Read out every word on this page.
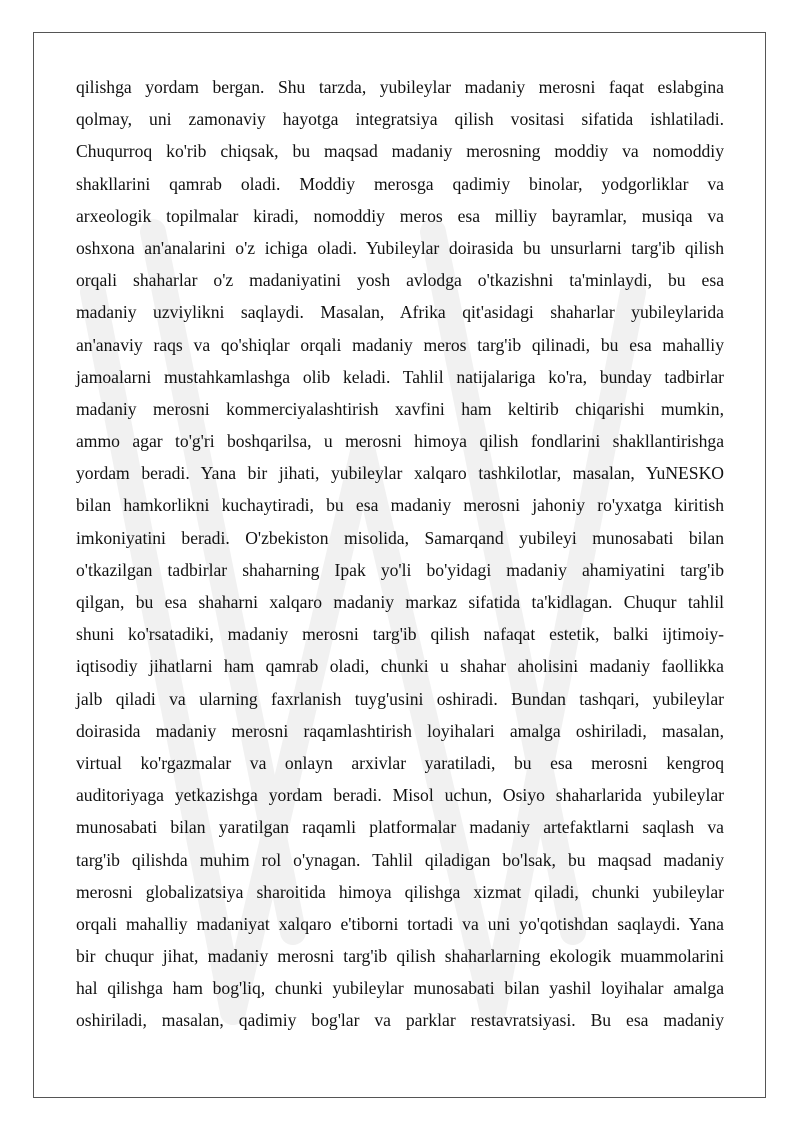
qilishga yordam bergan. Shu tarzda, yubileylar madaniy merosni faqat eslabgina
qolmay, uni zamonaviy hayotga integratsiya qilish vositasi sifatida ishlatiladi.
Chuqurroq ko'rib chiqsak, bu maqsad madaniy merosning moddiy va nomoddiy
shakllarini qamrab oladi. Moddiy merosga qadimiy binolar, yodgorliklar va
arxeologik topilmalar kiradi, nomoddiy meros esa milliy bayramlar, musiqa va
oshxona an'analarini o'z ichiga oladi. Yubileylar doirasida bu unsurlarni targ'ib qilish
orqali shaharlar o'z madaniyatini yosh avlodga o'tkazishni ta'minlaydi, bu esa
madaniy uzviylikni saqlaydi. Masalan, Afrika qit'asidagi shaharlar yubileylarida
an'anaviy raqs va qo'shiqlar orqali madaniy meros targ'ib qilinadi, bu esa mahalliy
jamoalarni mustahkamlashga olib keladi. Tahlil natijalariga ko'ra, bunday tadbirlar
madaniy merosni kommerciyalashtirish xavfini ham keltirib chiqarishi mumkin,
ammo agar to'g'ri boshqarilsa, u merosni himoya qilish fondlarini shakllantirishga
yordam beradi. Yana bir jihati, yubileylar xalqaro tashkilotlar, masalan, YuNESKO
bilan hamkorlikni kuchaytiradi, bu esa madaniy merosni jahoniy ro'yxatga kiritish
imkoniyatini beradi. O'zbekiston misolida, Samarqand yubileyi munosabati bilan
o'tkazilgan tadbirlar shaharning Ipak yo'li bo'yidagi madaniy ahamiyatini targ'ib
qilgan, bu esa shaharni xalqaro madaniy markaz sifatida ta'kidlagan. Chuqur tahlil
shuni ko'rsatadiki, madaniy merosni targ'ib qilish nafaqat estetik, balki ijtimoiy-
iqtisodiy jihatlarni ham qamrab oladi, chunki u shahar aholisini madaniy faollikka
jalb qiladi va ularning faxrlanish tuyg'usini oshiradi. Bundan tashqari, yubileylar
doirasida madaniy merosni raqamlashtirish loyihalari amalga oshiriladi, masalan,
virtual ko'rgazmalar va onlayn arxivlar yaratiladi, bu esa merosni kengroq
auditoriyaga yetkazishga yordam beradi. Misol uchun, Osiyo shaharlarida yubileylar
munosabati bilan yaratilgan raqamli platformalar madaniy artefaktlarni saqlash va
targ'ib qilishda muhim rol o'ynagan. Tahlil qiladigan bo'lsak, bu maqsad madaniy
merosni globalizatsiya sharoitida himoya qilishga xizmat qiladi, chunki yubileylar
orqali mahalliy madaniyat xalqaro e'tiborni tortadi va uni yo'qotishdan saqlaydi. Yana
bir chuqur jihat, madaniy merosni targ'ib qilish shaharlarning ekologik muammolarini
hal qilishga ham bog'liq, chunki yubileylar munosabati bilan yashil loyihalar amalga
oshiriladi, masalan, qadimiy bog'lar va parklar restavratsiyasi. Bu esa madaniy
